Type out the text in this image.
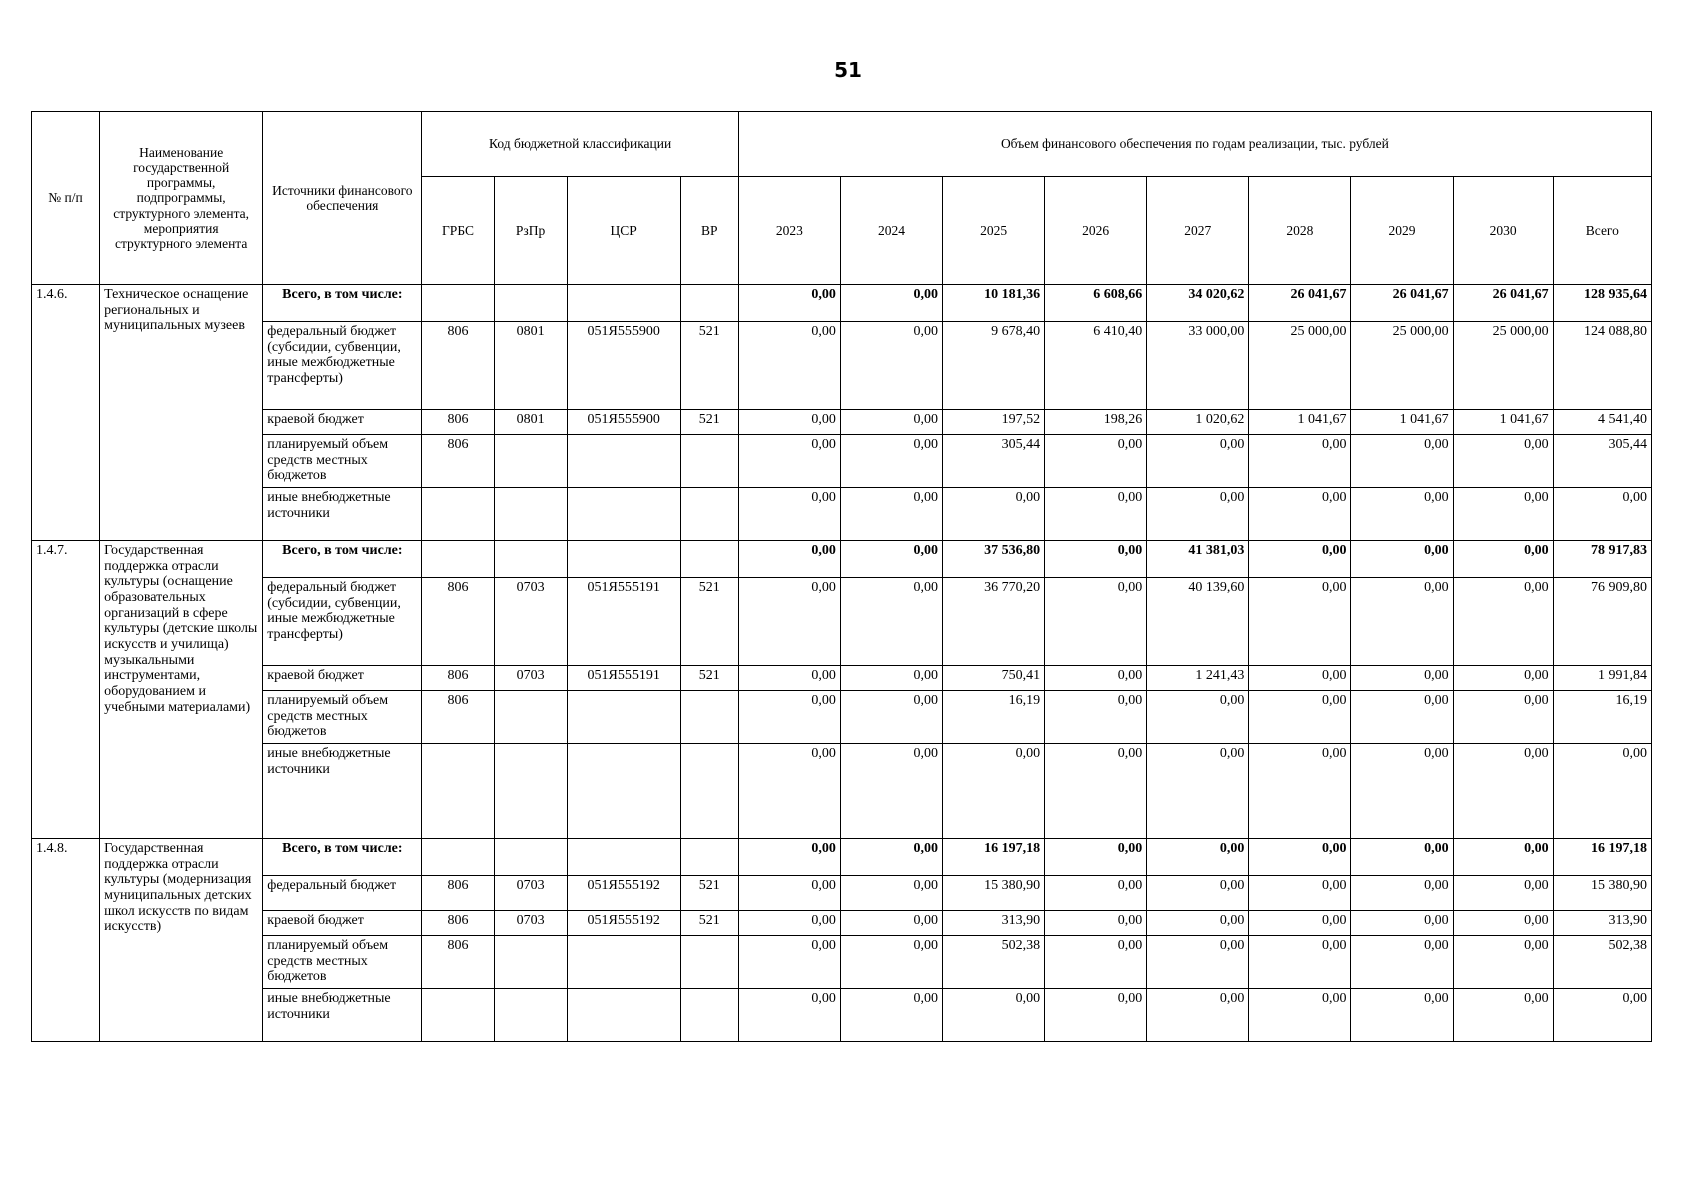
51
№ п/п	Наименование государственной программы, подпрограммы, структурного элемента, мероприятия структурного элемента	Источники финансового обеспечения	Код бюджетной классификации				Объем финансового обеспечения по годам реализации, тыс. рублей								
			ГРБС	РзПр	ЦСР	ВР	2023	2024	2025	2026	2027	2028	2029	2030	Всего
1.4.6.	Техническое оснащение региональных и муниципальных музеев	Всего, в том числе:					0,00	0,00	10 181,36	6 608,66	34 020,62	26 041,67	26 041,67	26 041,67	128 935,64
		федеральный бюджет (субсидии, субвенции, иные межбюджетные трансферты)	806	0801	051Я555900	521	0,00	0,00	9 678,40	6 410,40	33 000,00	25 000,00	25 000,00	25 000,00	124 088,80
		краевой бюджет	806	0801	051Я555900	521	0,00	0,00	197,52	198,26	1 020,62	1 041,67	1 041,67	1 041,67	4 541,40
		планируемый объем средств местных бюджетов	806				0,00	0,00	305,44	0,00	0,00	0,00	0,00	0,00	305,44
		иные внебюджетные источники					0,00	0,00	0,00	0,00	0,00	0,00	0,00	0,00	0,00
1.4.7.	Государственная поддержка отрасли культуры (оснащение образовательных организаций в сфере культуры (детские школы искусств и училища) музыкальными инструментами, оборудованием и учебными материалами)	Всего, в том числе:					0,00	0,00	37 536,80	0,00	41 381,03	0,00	0,00	0,00	78 917,83
		федеральный бюджет (субсидии, субвенции, иные межбюджетные трансферты)	806	0703	051Я555191	521	0,00	0,00	36 770,20	0,00	40 139,60	0,00	0,00	0,00	76 909,80
		краевой бюджет	806	0703	051Я555191	521	0,00	0,00	750,41	0,00	1 241,43	0,00	0,00	0,00	1 991,84
		планируемый объем средств местных бюджетов	806				0,00	0,00	16,19	0,00	0,00	0,00	0,00	0,00	16,19
		иные внебюджетные источники					0,00	0,00	0,00	0,00	0,00	0,00	0,00	0,00	0,00
1.4.8.	Государственная поддержка отрасли культуры (модернизация муниципальных детских школ искусств по видам искусств)	Всего, в том числе:					0,00	0,00	16 197,18	0,00	0,00	0,00	0,00	0,00	16 197,18
		федеральный бюджет	806	0703	051Я555192	521	0,00	0,00	15 380,90	0,00	0,00	0,00	0,00	0,00	15 380,90
		краевой бюджет	806	0703	051Я555192	521	0,00	0,00	313,90	0,00	0,00	0,00	0,00	0,00	313,90
		планируемый объем средств местных бюджетов	806				0,00	0,00	502,38	0,00	0,00	0,00	0,00	0,00	502,38
		иные внебюджетные источники					0,00	0,00	0,00	0,00	0,00	0,00	0,00	0,00	0,00
